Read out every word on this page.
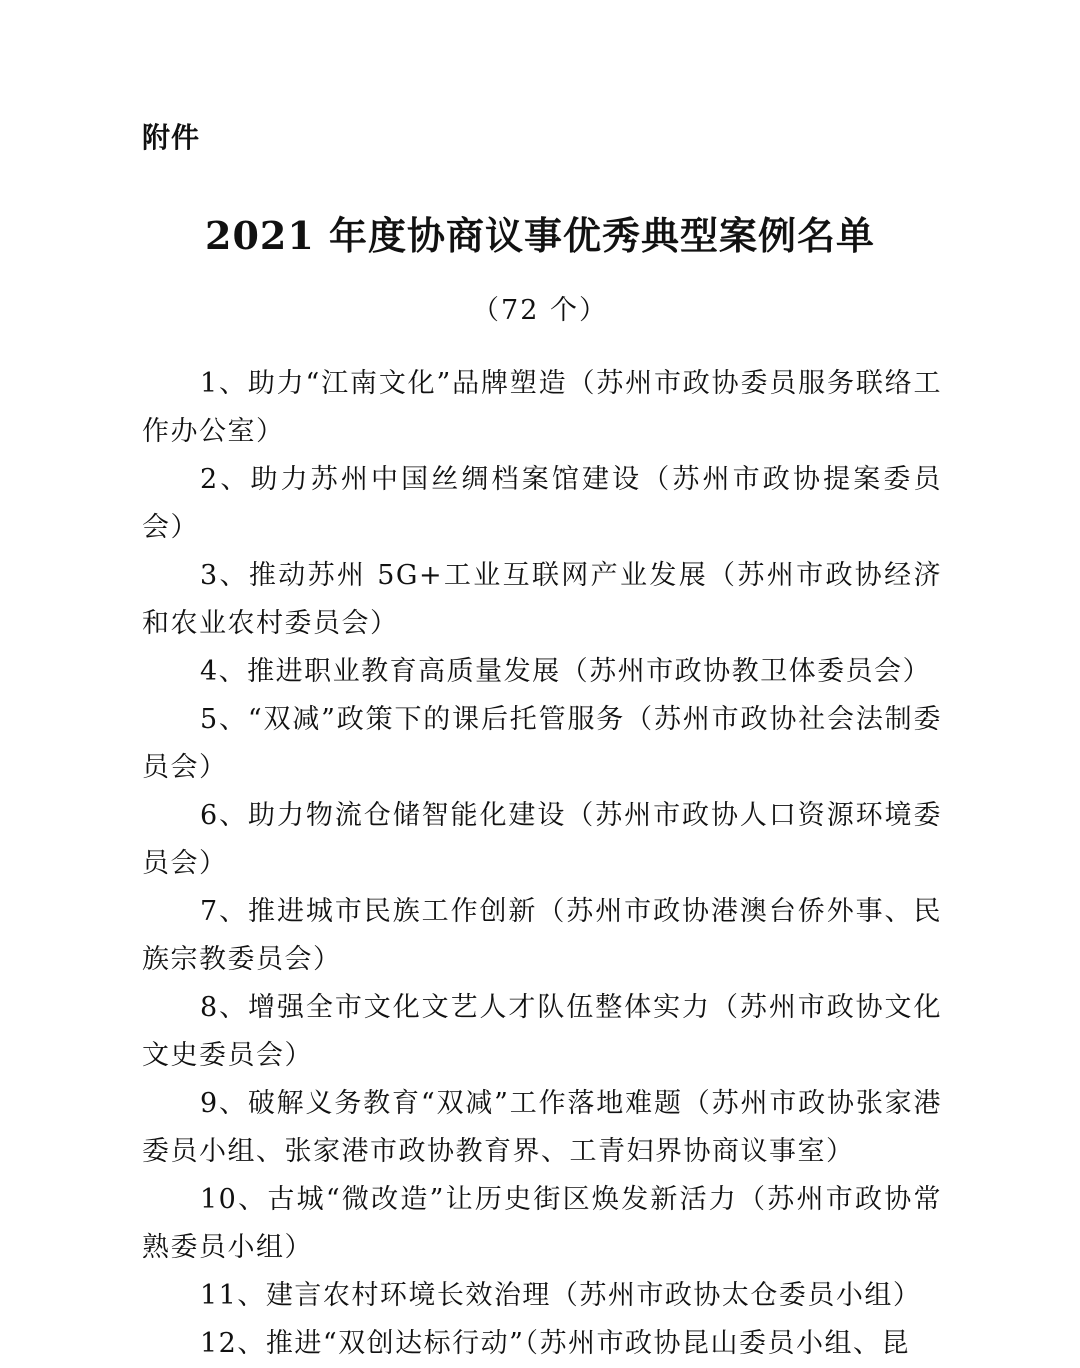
附件
2021 年度协商议事优秀典型案例名单
（72 个）

1、助力“江南文化”品牌塑造（苏州市政协委员服务联络工作办公室）

2、助力苏州中国丝绸档案馆建设（苏州市政协提案委员会）

3、推动苏州 5G+工业互联网产业发展（苏州市政协经济和农业农村委员会）

4、推进职业教育高质量发展（苏州市政协教卫体委员会）

5、“双减”政策下的课后托管服务（苏州市政协社会法制委员会）

6、助力物流仓储智能化建设（苏州市政协人口资源环境委员会）

7、推进城市民族工作创新（苏州市政协港澳台侨外事、民族宗教委员会）

8、增强全市文化文艺人才队伍整体实力（苏州市政协文化文史委员会）

9、破解义务教育“双减”工作落地难题（苏州市政协张家港委员小组、张家港市政协教育界、工青妇界协商议事室）

10、古城“微改造”让历史街区焕发新活力（苏州市政协常熟委员小组）

11、建言农村环境长效治理（苏州市政协太仓委员小组）

12、推进“双创达标行动”（苏州市政协昆山委员小组、昆
